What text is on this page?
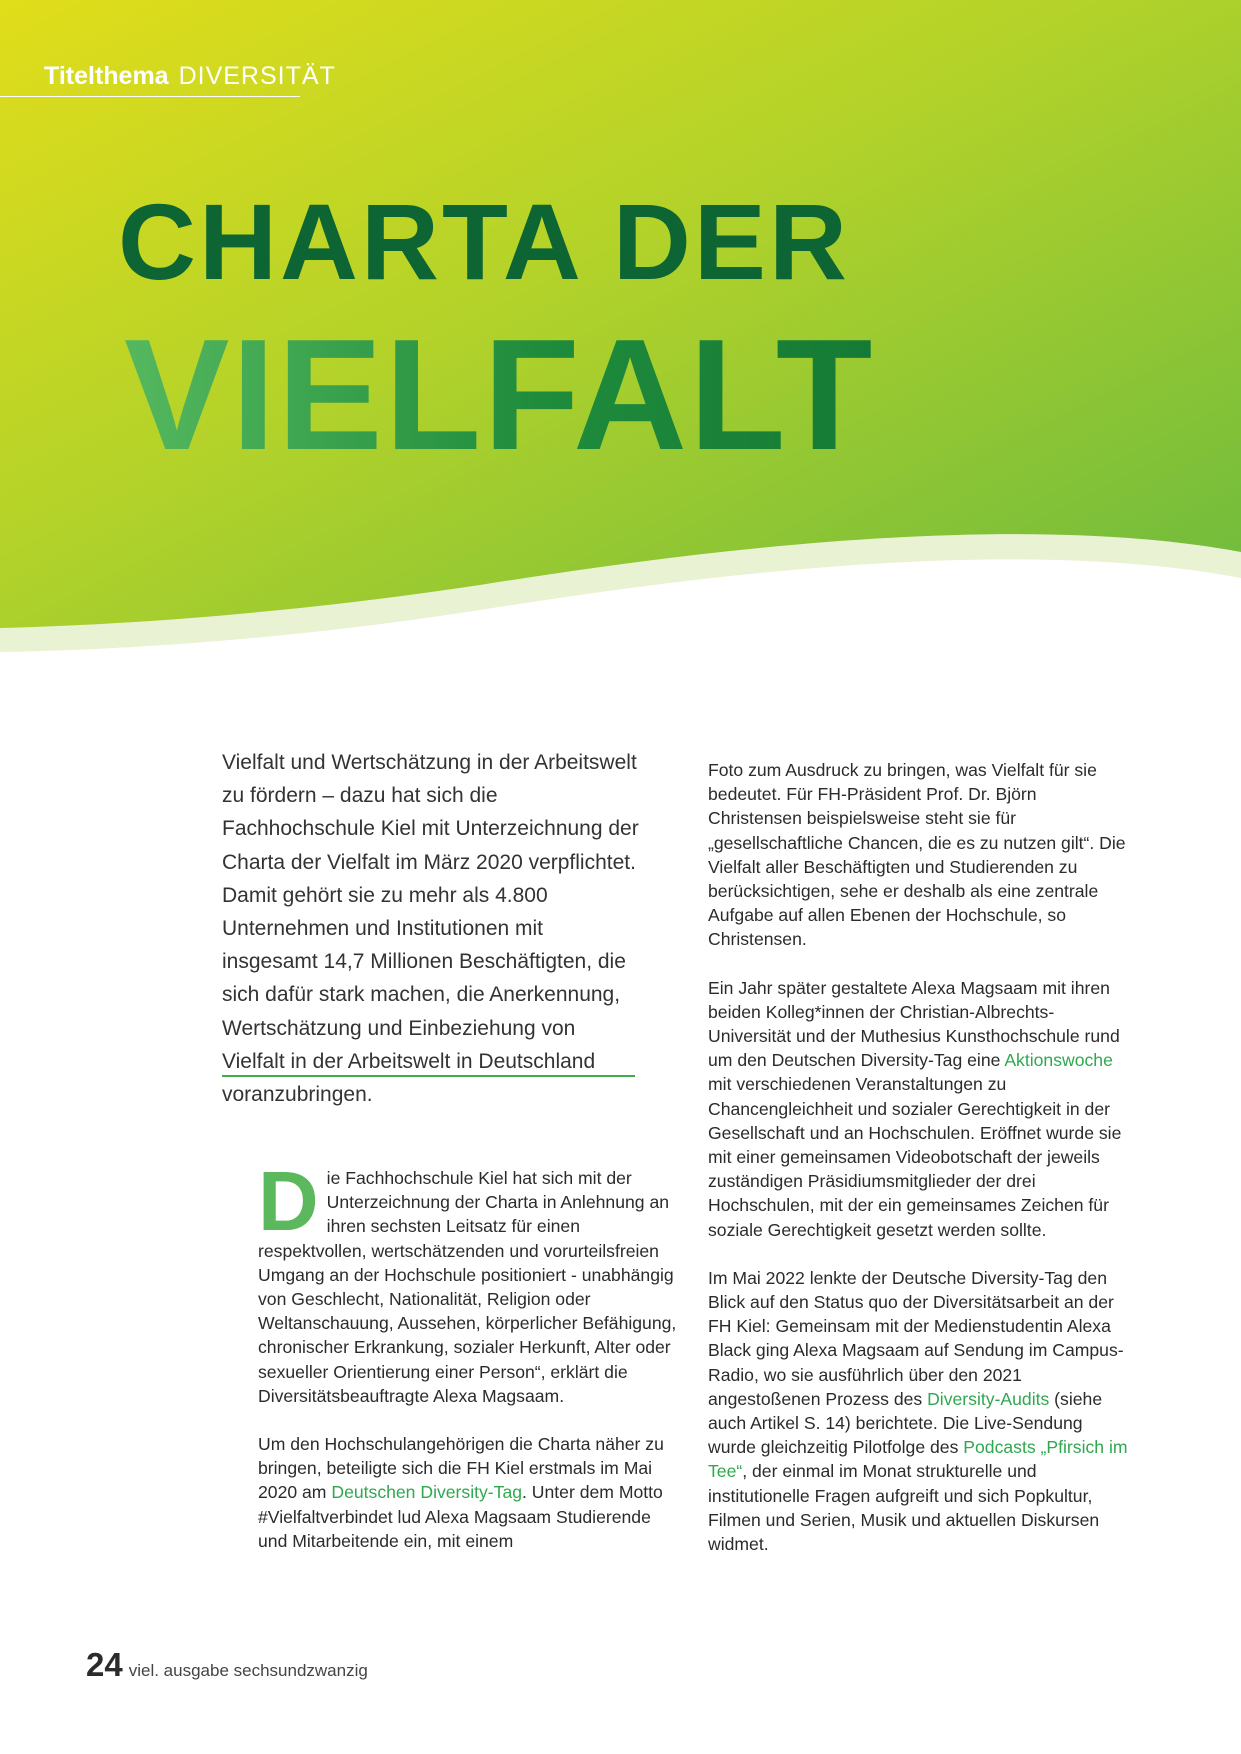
Titelthema DIVERSITÄT
CHARTA DER
VIELFALT
Vielfalt und Wertschätzung in der Arbeitswelt zu fördern – dazu hat sich die Fachhochschule Kiel mit Unterzeichnung der Charta der Vielfalt im März 2020 verpflichtet. Damit gehört sie zu mehr als 4.800 Unternehmen und Institutionen mit insgesamt 14,7 Millionen Beschäftigten, die sich dafür stark machen, die Anerkennung, Wertschätzung und Einbeziehung von Vielfalt in der Arbeitswelt in Deutschland voranzubringen.

Die Fachhochschule Kiel hat sich mit der Unterzeichnung der Charta in Anlehnung an ihren sechsten Leitsatz für einen respektvollen, wertschätzenden und vorurteilsfreien Umgang an der Hochschule positioniert - unabhängig von Geschlecht, Nationalität, Religion oder Weltanschauung, Aussehen, körperlicher Befähigung, chronischer Erkrankung, sozialer Herkunft, Alter oder sexueller Orientierung einer Person“, erklärt die Diversitätsbeauftragte Alexa Magsaam.

Um den Hochschulangehörigen die Charta näher zu bringen, beteiligte sich die FH Kiel erstmals im Mai 2020 am Deutschen Diversity-Tag. Unter dem Motto #Vielfaltverbindet lud Alexa Magsaam Studierende und Mitarbeitende ein, mit einem

Foto zum Ausdruck zu bringen, was Vielfalt für sie bedeutet. Für FH-Präsident Prof. Dr. Björn Christensen beispielsweise steht sie für „gesellschaftliche Chancen, die es zu nutzen gilt“. Die Vielfalt aller Beschäftigten und Studierenden zu berücksichtigen, sehe er deshalb als eine zentrale Aufgabe auf allen Ebenen der Hochschule, so Christensen.

Ein Jahr später gestaltete Alexa Magsaam mit ihren beiden Kolleg*innen der Christian-Albrechts-Universität und der Muthesius Kunsthochschule rund um den Deutschen Diversity-Tag eine Aktionswoche mit verschiedenen Veranstaltungen zu Chancengleichheit und sozialer Gerechtigkeit in der Gesellschaft und an Hochschulen. Eröffnet wurde sie mit einer gemeinsamen Videobotschaft der jeweils zuständigen Präsidiumsmitglieder der drei Hochschulen, mit der ein gemeinsames Zeichen für soziale Gerechtigkeit gesetzt werden sollte.

Im Mai 2022 lenkte der Deutsche Diversity-Tag den Blick auf den Status quo der Diversitätsarbeit an der FH Kiel: Gemeinsam mit der Medienstudentin Alexa Black ging Alexa Magsaam auf Sendung im Campus-Radio, wo sie ausführlich über den 2021 angestoßenen Prozess des Diversity-Audits (siehe auch Artikel S. 14) berichtete. Die Live-Sendung wurde gleichzeitig Pilotfolge des Podcasts „Pfirsich im Tee“, der einmal im Monat strukturelle und institutionelle Fragen aufgreift und sich Popkultur, Filmen und Serien, Musik und aktuellen Diskursen widmet.

24 viel. ausgabe sechsundzwanzig
